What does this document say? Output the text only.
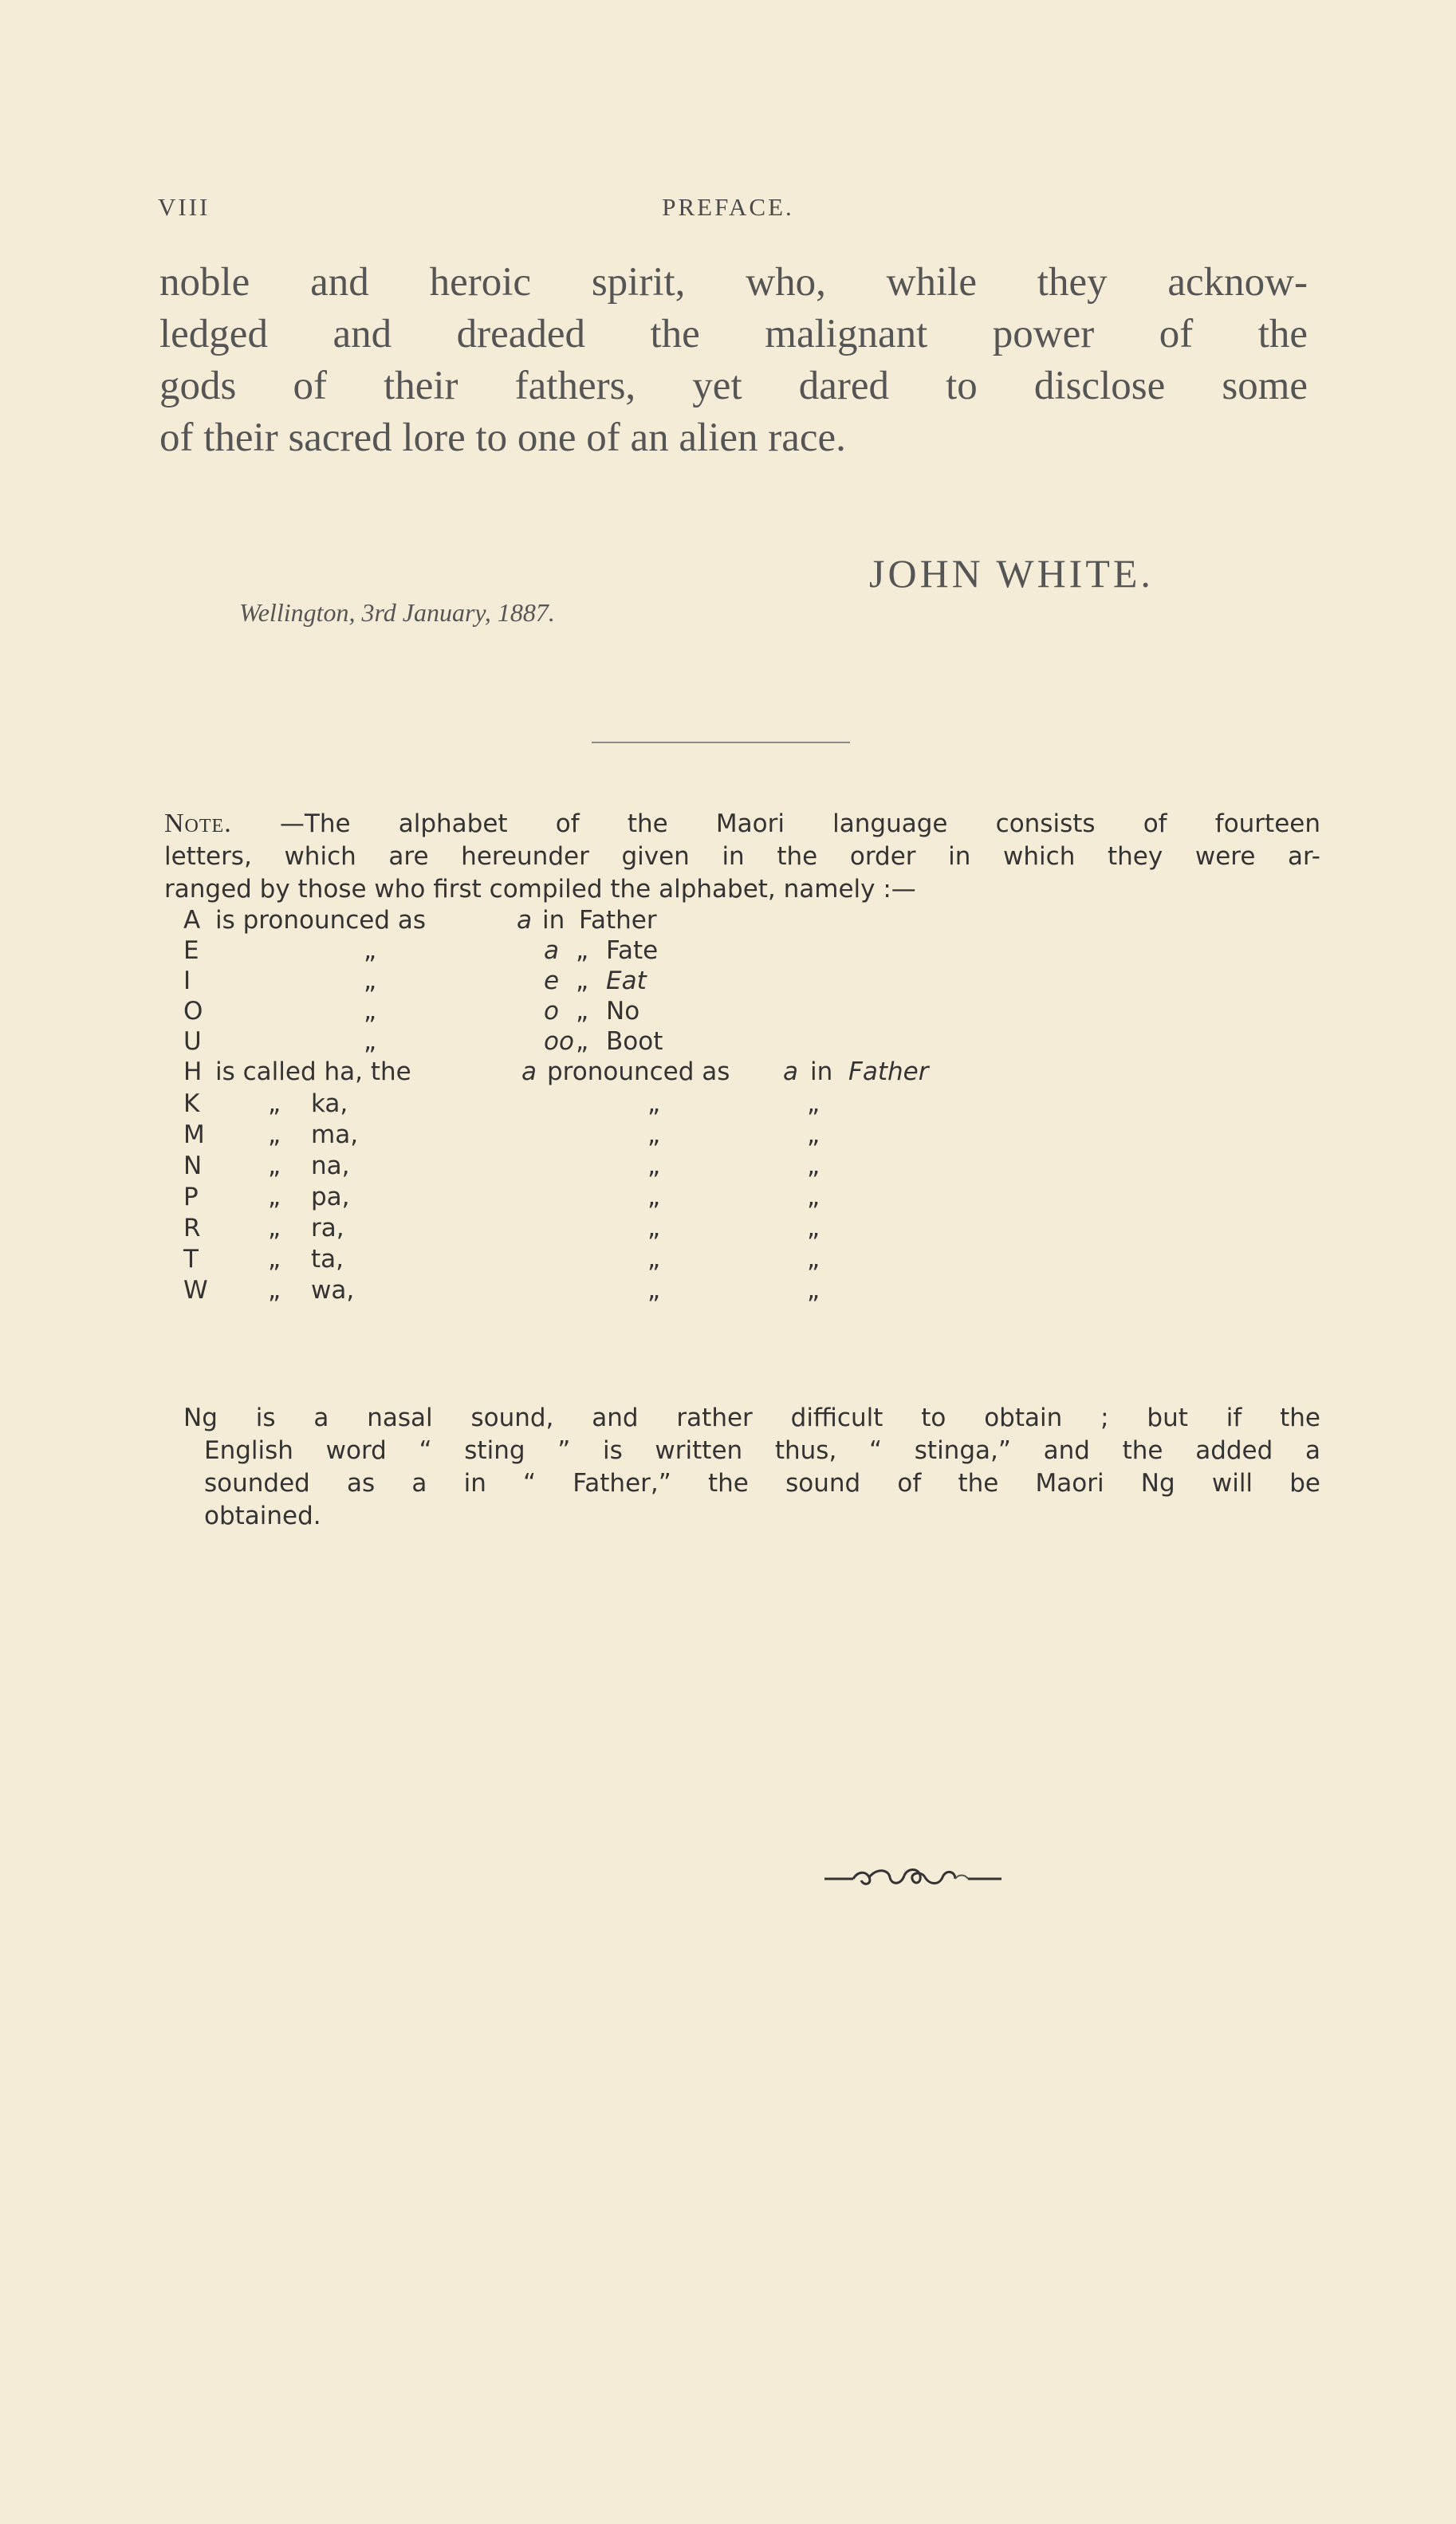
VIII	PREFACE.
noble and heroic spirit, who, while they acknow-
ledged and dreaded the malignant power of the
gods of their fathers, yet dared to disclose some
of their sacred lore to one of an alien race.
JOHN WHITE.
Wellington, 3rd January, 1887.
Note. —The alphabet of the Maori language consists of fourteen
letters, which are hereunder given in the order in which they were ar-
ranged by those who first compiled the alphabet, namely :—
A is pronounced as	a in Father
E	„	a „ Fate
I	„	e „ Eat
O	„	o „ No
U	„	oo „ Boot
H is called ha, the	a pronounced as a in Father
K	„ ka,	„	„
M	„ ma,	„	„
N	„ na,	„	„
P	„ pa,	„	„
R	„ ra,	„	„
T	„ ta,	„	„
W „ wa,	„	„
Ng is a nasal sound, and rather difficult to obtain ; but if the
English word “ sting ” is written thus, “ stinga,” and the added a
sounded as a in “ Father,” the sound of the Maori Ng will be
obtained.
